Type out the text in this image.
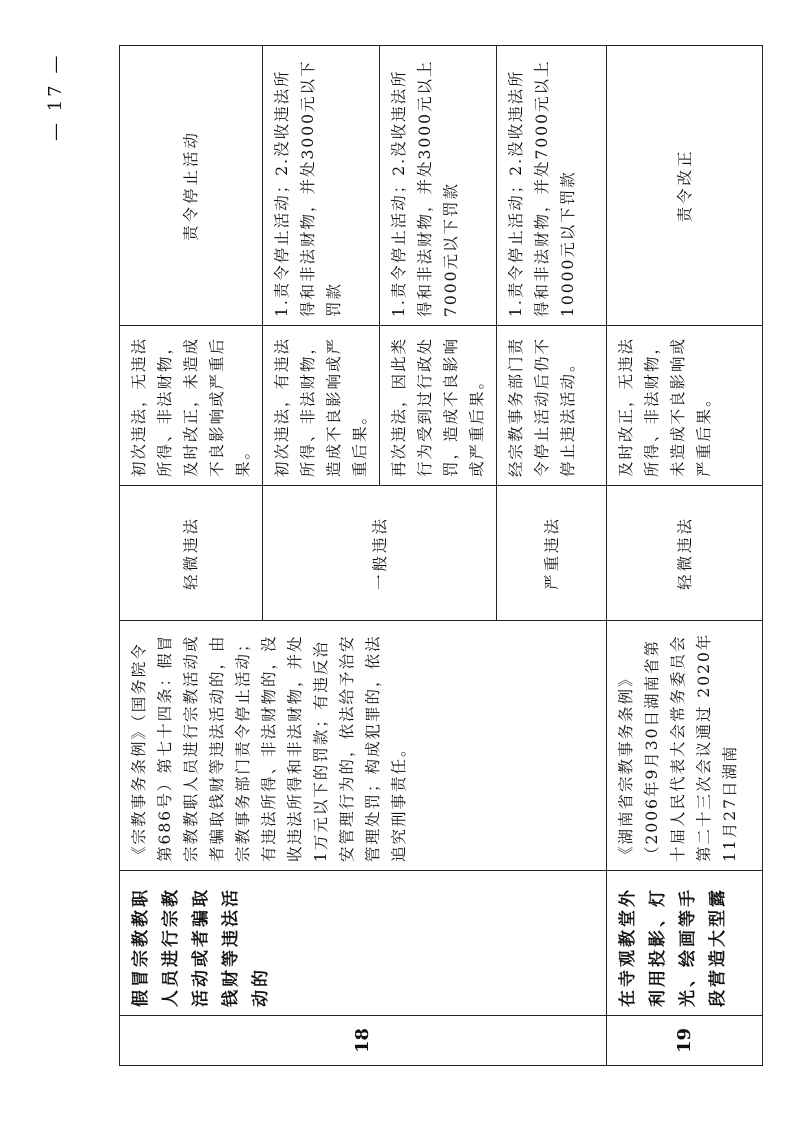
— 17 —
18	假冒宗教教职人员进行宗教活动或者骗取钱财等违法活动的	《宗教事务条例》（国务院令第686号）第七十四条：假冒宗教教职人员进行宗教活动或者骗取钱财等违法活动的，由宗教事务部门责令停止活动；有违法所得、非法财物的，没收违法所得和非法财物，并处1万元以下的罚款；有违反治安管理行为的，依法给予治安管理处罚；构成犯罪的，依法追究刑事责任。	轻微违法	初次违法，无违法所得、非法财物，及时改正，未造成不良影响或严重后果。	责令停止活动
			一般违法	初次违法，有违法所得、非法财物，造成不良影响或严重后果。	1.责令停止活动；2.没收违法所得和非法财物，并处3000元以下罚款
				再次违法，因此类行为受到过行政处罚，造成不良影响或严重后果。	1.责令停止活动；2.没收违法所得和非法财物，并处3000元以上7000元以下罚款
			严重违法	经宗教事务部门责令停止活动后仍不停止违法活动。	1.责令停止活动；2.没收违法所得和非法财物，并处7000元以上10000元以下罚款
19	在寺观教堂外利用投影、灯光、绘画等手段营造大型露	《湖南省宗教事务条例》（2006年9月30日湖南省第十届人民代表大会常务委员会第二十三次会议通过 2020年11月27日湖南	轻微违法	及时改正，无违法所得、非法财物，未造成不良影响或严重后果。	责令改正
